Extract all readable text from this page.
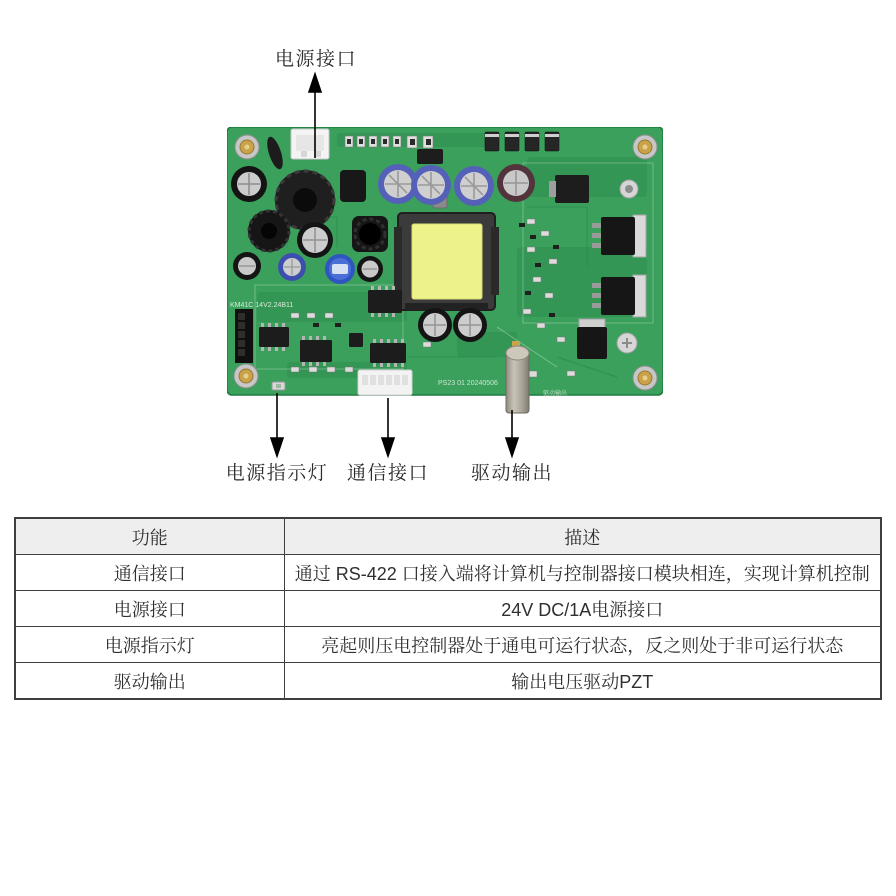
电源接口
电源指示灯 通信接口 驱动输出
KM41C 14V2.24B11
PS23 01 20240506
通信接口	驱动输出
功能	描述
通信接口	通过 RS-422 口接入端将计算机与控制器接口模块相连，实现计算机控制
电源接口	24V DC/1A电源接口
电源指示灯	亮起则压电控制器处于通电可运行状态，反之则处于非可运行状态
驱动输出	输出电压驱动PZT
